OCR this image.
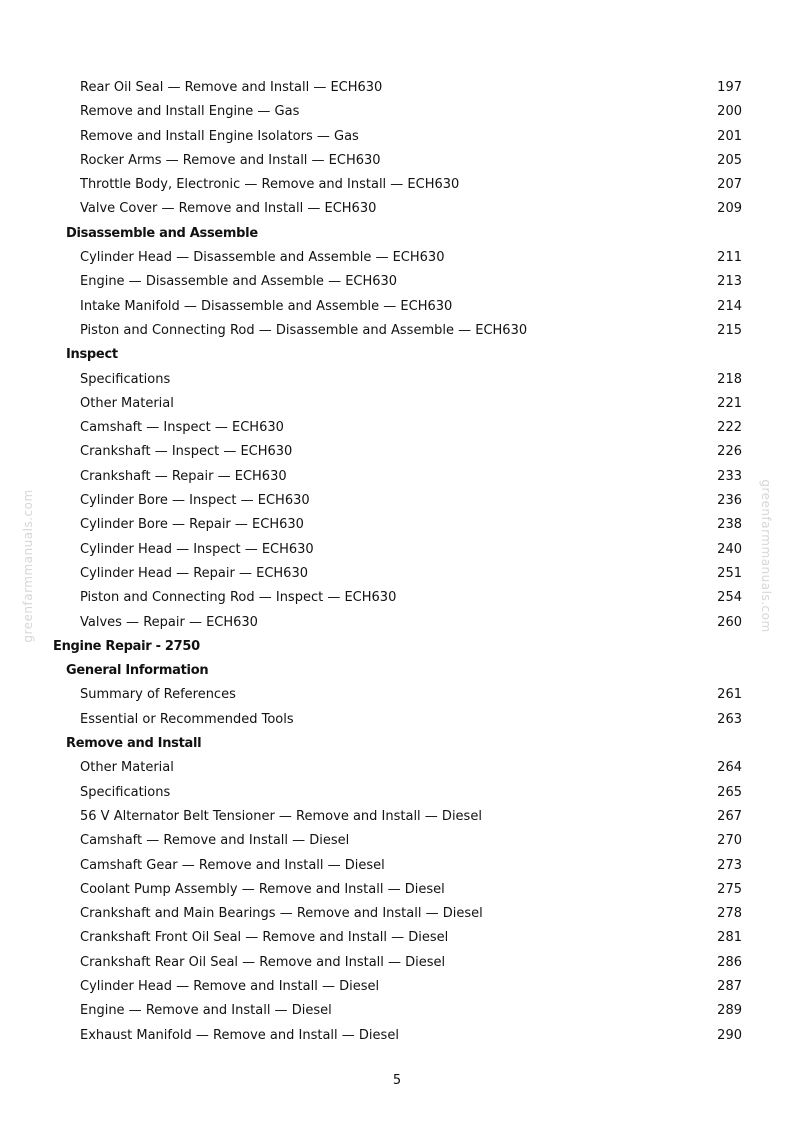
greenfarmmanuals.com	greenfarmmanuals.com
Rear Oil Seal — Remove and Install — ECH630	197
Remove and Install Engine — Gas	200
Remove and Install Engine Isolators — Gas	201
Rocker Arms — Remove and Install — ECH630	205
Throttle Body, Electronic — Remove and Install — ECH630	207
Valve Cover — Remove and Install — ECH630	209
Disassemble and Assemble
Cylinder Head — Disassemble and Assemble — ECH630	211
Engine — Disassemble and Assemble — ECH630	213
Intake Manifold — Disassemble and Assemble — ECH630	214
Piston and Connecting Rod — Disassemble and Assemble — ECH630	215
Inspect
Specifications	218
Other Material	221
Camshaft — Inspect — ECH630	222
Crankshaft — Inspect — ECH630	226
Crankshaft — Repair — ECH630	233
Cylinder Bore — Inspect — ECH630	236
Cylinder Bore — Repair — ECH630	238
Cylinder Head — Inspect — ECH630	240
Cylinder Head — Repair — ECH630	251
Piston and Connecting Rod — Inspect — ECH630	254
Valves — Repair — ECH630	260
Engine Repair - 2750
General Information
Summary of References	261
Essential or Recommended Tools	263
Remove and Install
Other Material	264
Specifications	265
56 V Alternator Belt Tensioner — Remove and Install — Diesel	267
Camshaft — Remove and Install — Diesel	270
Camshaft Gear — Remove and Install — Diesel	273
Coolant Pump Assembly — Remove and Install — Diesel	275
Crankshaft and Main Bearings — Remove and Install — Diesel	278
Crankshaft Front Oil Seal — Remove and Install — Diesel	281
Crankshaft Rear Oil Seal — Remove and Install — Diesel	286
Cylinder Head — Remove and Install — Diesel	287
Engine — Remove and Install — Diesel	289
Exhaust Manifold — Remove and Install — Diesel	290
5
